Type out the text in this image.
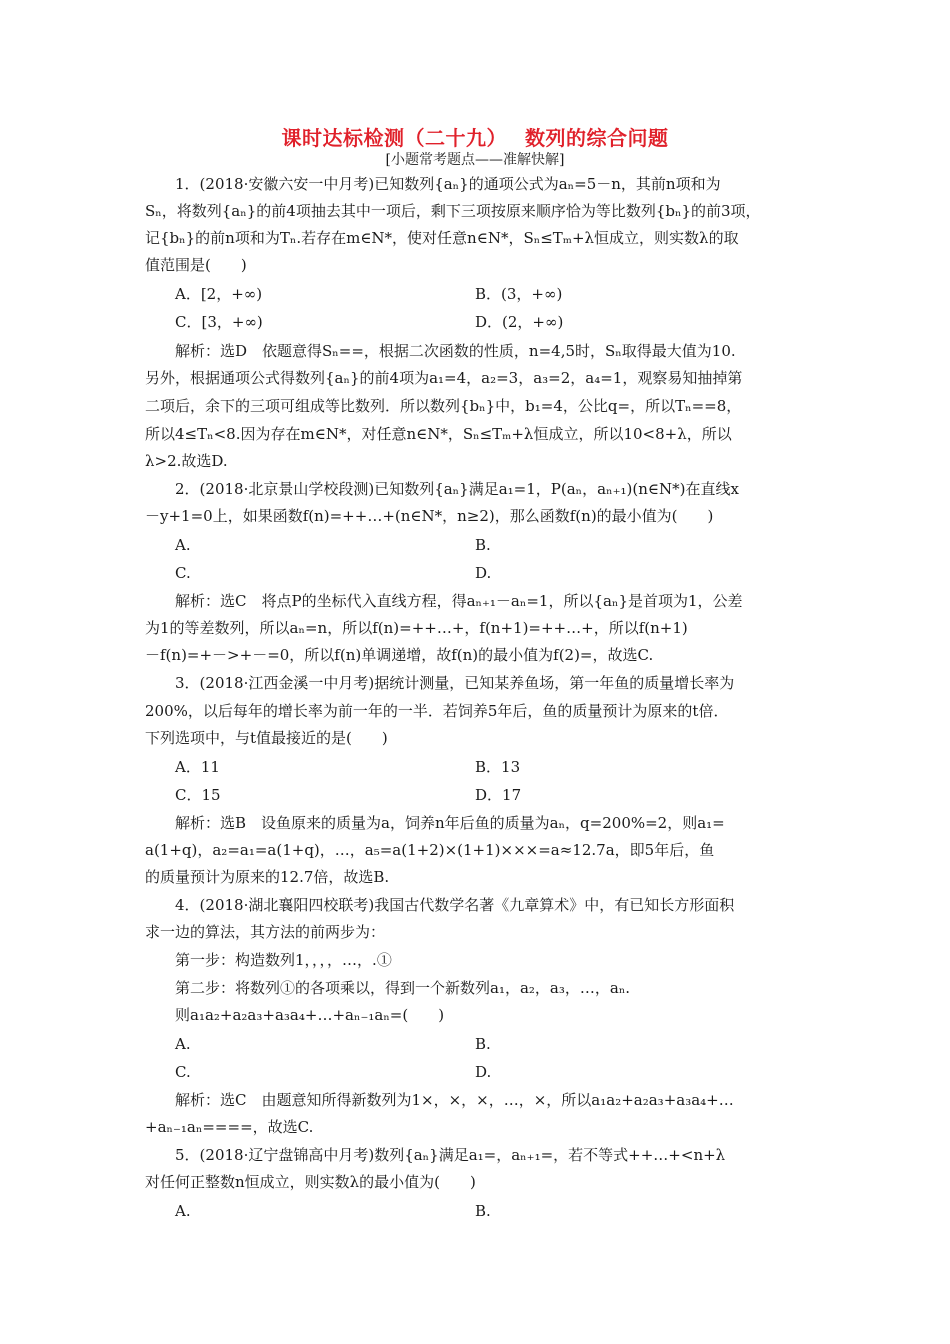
课时达标检测（二十九）　 数列的综合问题
[小题常考题点——准解快解]
1．(2018·安徽六安一中月考)已知数列{aₙ}的通项公式为aₙ=5－n，其前n项和为
Sₙ，将数列{aₙ}的前4项抽去其中一项后，剩下三项按原来顺序恰为等比数列{bₙ}的前3项，
记{bₙ}的前n项和为Tₙ.若存在m∈N*，使对任意n∈N*，Sₙ≤Tₘ+λ恒成立，则实数λ的取
值范围是(　　)
A．[2，+∞)	B．(3，+∞)
C．[3，+∞)	D．(2，+∞)
解析：选D　依题意得Sₙ==，根据二次函数的性质，n=4,5时，Sₙ取得最大值为10.
另外，根据通项公式得数列{aₙ}的前4项为a₁=4，a₂=3，a₃=2，a₄=1，观察易知抽掉第
二项后，余下的三项可组成等比数列．所以数列{bₙ}中，b₁=4，公比q=，所以Tₙ==8，
所以4≤Tₙ<8.因为存在m∈N*，对任意n∈N*，Sₙ≤Tₘ+λ恒成立，所以10<8+λ，所以
λ>2.故选D.
2．(2018·北京景山学校段测)已知数列{aₙ}满足a₁=1，P(aₙ，aₙ₊₁)(n∈N*)在直线x
－y+1=0上，如果函数f(n)=++…+(n∈N*，n≥2)，那么函数f(n)的最小值为(　　)
A.	B.
C.	D.
解析：选C　将点P的坐标代入直线方程，得aₙ₊₁－aₙ=1，所以{aₙ}是首项为1，公差
为1的等差数列，所以aₙ=n，所以f(n)=++…+，f(n+1)=++…+，所以f(n+1)
－f(n)=+－>+－=0，所以f(n)单调递增，故f(n)的最小值为f(2)=，故选C.
3．(2018·江西金溪一中月考)据统计测量，已知某养鱼场，第一年鱼的质量增长率为
200%，以后每年的增长率为前一年的一半．若饲养5年后，鱼的质量预计为原来的t倍．
下列选项中，与t值最接近的是(　　)
A．11	B．13
C．15	D．17
解析：选B　设鱼原来的质量为a，饲养n年后鱼的质量为aₙ，q=200%=2，则a₁=
a(1+q)，a₂=a₁=a(1+q)，…，a₅=a(1+2)×(1+1)×××=a≈12.7a，即5年后，鱼
的质量预计为原来的12.7倍，故选B.
4．(2018·湖北襄阳四校联考)我国古代数学名著《九章算术》中，有已知长方形面积
求一边的算法，其方法的前两步为：
第一步：构造数列1，，，，…，.①
第二步：将数列①的各项乘以，得到一个新数列a₁，a₂，a₃，…，aₙ.
则a₁a₂+a₂a₃+a₃a₄+…+aₙ₋₁aₙ=(　　)
A.	B.
C.	D.
解析：选C　由题意知所得新数列为1×，×，×，…，×，所以a₁a₂+a₂a₃+a₃a₄+…
+aₙ₋₁aₙ====，故选C.
5．(2018·辽宁盘锦高中月考)数列{aₙ}满足a₁=，aₙ₊₁=，若不等式++…+<n+λ
对任何正整数n恒成立，则实数λ的最小值为(　　)
A.	B.
